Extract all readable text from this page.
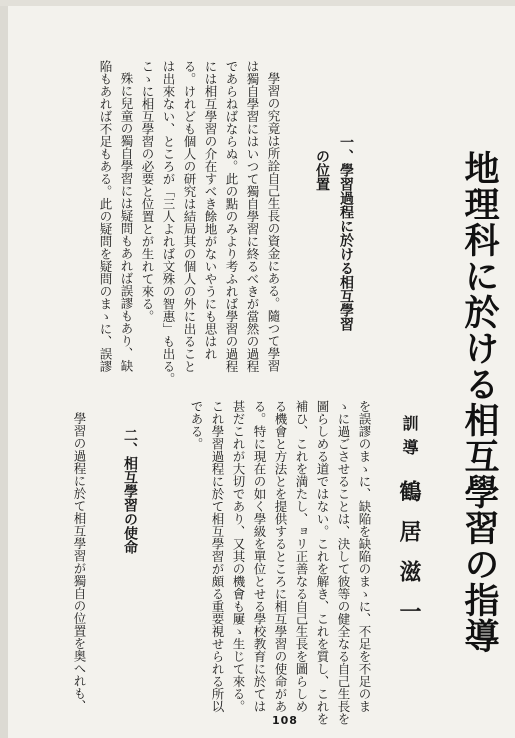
地理科に於ける相互學習の指導
訓導
鶴居滋一
一、學習過程に於ける相互學習
の位置
學習の究竟は所詮自己生長の資金にある。隨つて學習
は獨自學習にはいつて獨自學習に終るべきが當然の過程
であらねばならぬ。此の點のみより考ふれば學習の過程
には相互學習の介在すべき餘地がないやうにも思はれ
る。けれども個人の研究は結局其の個人の外に出ること
は出來ない、ところが「三人よれば文殊の智惠」も出る。
こゝに相互學習の必要と位置とが生れて來る。
殊に兒童の獨自學習には疑問もあれば誤謬もあり、缺
陥もあれば不足もある。此の疑問を疑問のまゝに、誤謬
を誤謬のまゝに、缺陥を缺陥のまゝに、不足を不足のま
ゝに過ごさせることは、決して彼等の健全なる自己生長を
圖らしめる道ではない。これを解き、これを質し、これを
補ひ、これを満たし、ョリ正善なる自己生長を圖らしめ
る機會と方法とを提供するところに相互學習の使命があ
る。特に現在の如く學級を單位とせる學校教育に於ては
甚だこれが大切であり、又其の機會も屢ゝ生じて來る。
これ學習過程に於て相互學習が頗る重要視せられる所以
である。
二、相互學習の使命
學習の過程に於て相互學習が獨自の位置を奥へれも、
108
